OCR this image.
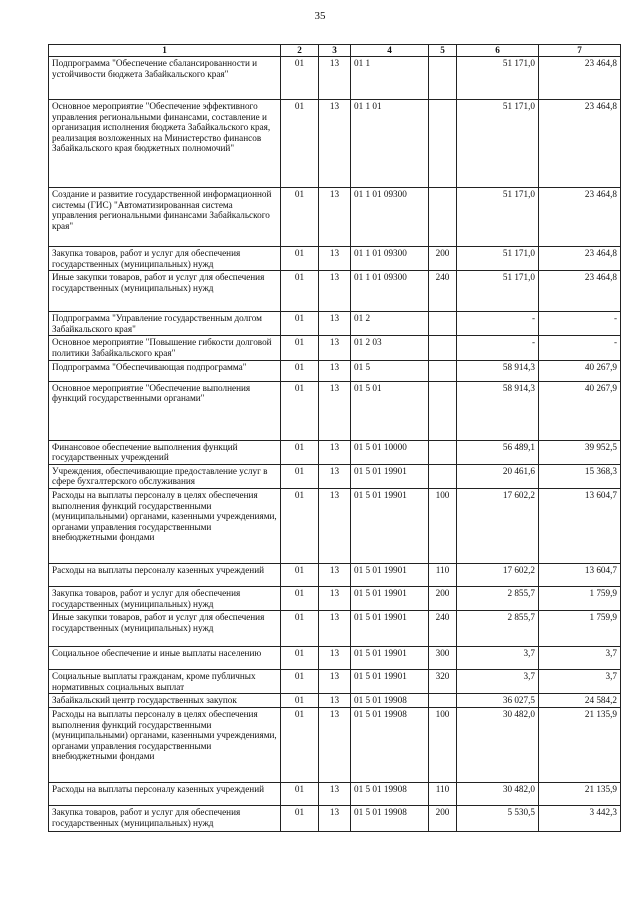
35
1	2	3	4	5	6	7
Подпрограмма "Обеспечение сбалансированности и устойчивости бюджета Забайкальского края"	01	13	01 1		51 171,0	23 464,8
Основное мероприятие "Обеспечение эффективного управления региональными финансами, составление и организация исполнения бюджета Забайкальского края, реализация возложенных на Министерство финансов Забайкальского края бюджетных полномочий"	01	13	01 1 01		51 171,0	23 464,8
Создание и развитие государственной информационной системы (ГИС) "Автоматизированная система управления региональными финансами Забайкальского края"	01	13	01 1 01 09300		51 171,0	23 464,8
Закупка товаров, работ и услуг для обеспечения государственных (муниципальных) нужд	01	13	01 1 01 09300	200	51 171,0	23 464,8
Иные закупки товаров, работ и услуг для обеспечения государственных (муниципальных) нужд	01	13	01 1 01 09300	240	51 171,0	23 464,8
Подпрограмма "Управление государственным долгом Забайкальского края"	01	13	01 2		-	-
Основное мероприятие "Повышение гибкости долговой политики Забайкальского края"	01	13	01 2 03		-	-
Подпрограмма "Обеспечивающая подпрограмма"	01	13	01 5		58 914,3	40 267,9
Основное мероприятие "Обеспечение выполнения функций государственными органами"	01	13	01 5 01		58 914,3	40 267,9
Финансовое обеспечение выполнения функций государственных учреждений	01	13	01 5 01 10000		56 489,1	39 952,5
Учреждения, обеспечивающие предоставление услуг в сфере бухгалтерского обслуживания	01	13	01 5 01 19901		20 461,6	15 368,3
Расходы на выплаты персоналу в целях обеспечения выполнения функций государственными (муниципальными) органами, казенными учреждениями, органами управления государственными внебюджетными фондами	01	13	01 5 01 19901	100	17 602,2	13 604,7
Расходы на выплаты персоналу казенных учреждений	01	13	01 5 01 19901	110	17 602,2	13 604,7
Закупка товаров, работ и услуг для обеспечения государственных (муниципальных) нужд	01	13	01 5 01 19901	200	2 855,7	1 759,9
Иные закупки товаров, работ и услуг для обеспечения государственных (муниципальных) нужд	01	13	01 5 01 19901	240	2 855,7	1 759,9
Социальное обеспечение и иные выплаты населению	01	13	01 5 01 19901	300	3,7	3,7
Социальные выплаты гражданам, кроме публичных нормативных социальных выплат	01	13	01 5 01 19901	320	3,7	3,7
Забайкальский центр государственных закупок	01	13	01 5 01 19908		36 027,5	24 584,2
Расходы на выплаты персоналу в целях обеспечения выполнения функций государственными (муниципальными) органами, казенными учреждениями, органами управления государственными внебюджетными фондами	01	13	01 5 01 19908	100	30 482,0	21 135,9
Расходы на выплаты персоналу казенных учреждений	01	13	01 5 01 19908	110	30 482,0	21 135,9
Закупка товаров, работ и услуг для обеспечения государственных (муниципальных) нужд	01	13	01 5 01 19908	200	5 530,5	3 442,3
